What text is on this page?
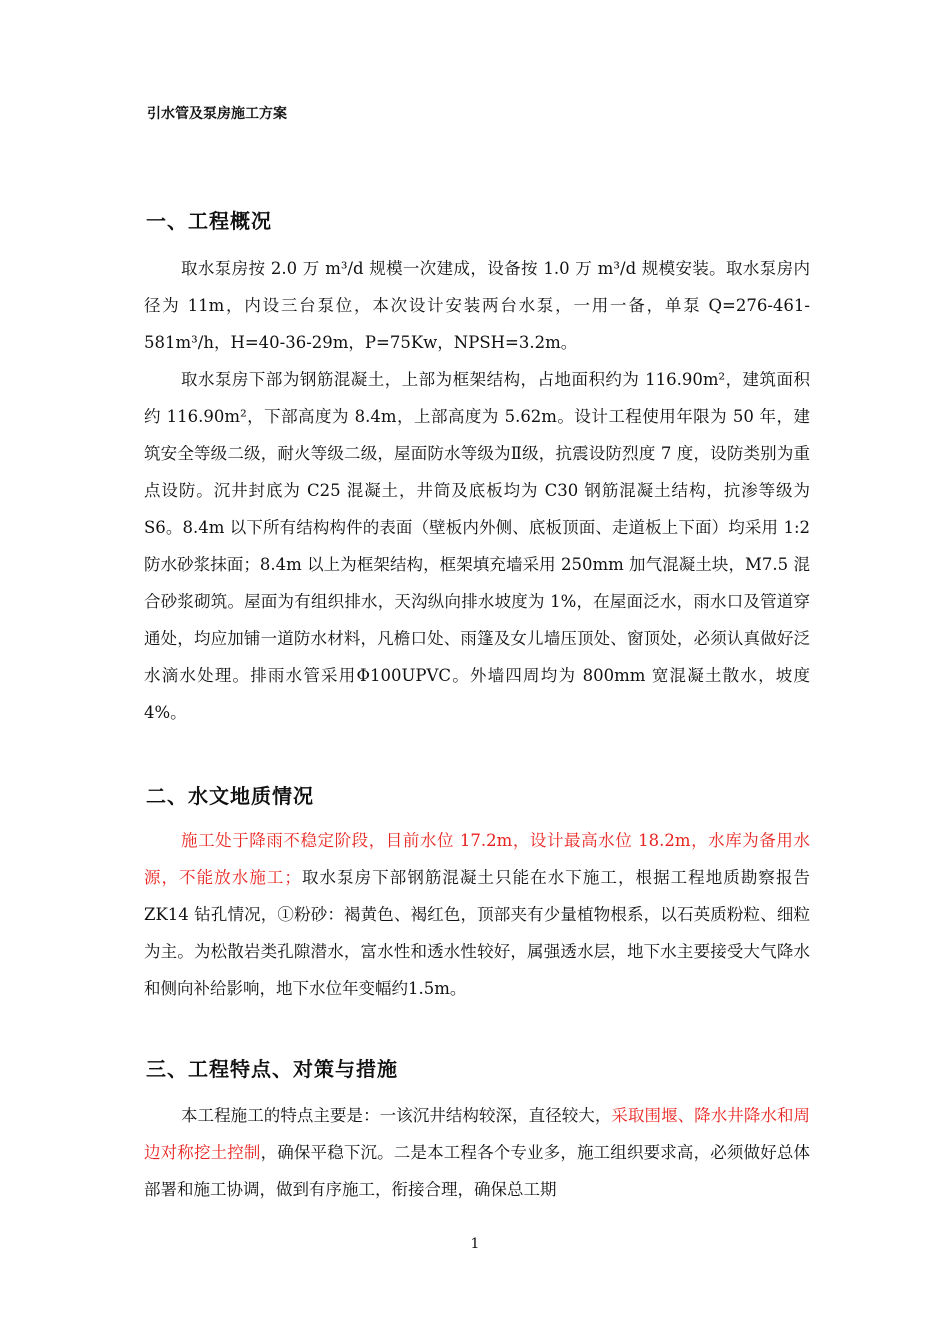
引水管及泵房施工方案
一、工程概况
取水泵房按 2.0 万 m³/d 规模一次建成，设备按 1.0 万 m³/d 规模安装。取水泵房内径为 11m，内设三台泵位，本次设计安装两台水泵，一用一备，单泵 Q=276-461-581m³/h，H=40-36-29m，P=75Kw，NPSH=3.2m。
取水泵房下部为钢筋混凝土，上部为框架结构，占地面积约为 116.90m²，建筑面积约 116.90m²，下部高度为 8.4m，上部高度为 5.62m。设计工程使用年限为 50 年，建筑安全等级二级，耐火等级二级，屋面防水等级为Ⅱ级，抗震设防烈度 7 度，设防类别为重点设防。沉井封底为 C25 混凝土，井筒及底板均为 C30 钢筋混凝土结构，抗渗等级为 S6。8.4m 以下所有结构构件的表面（壁板内外侧、底板顶面、走道板上下面）均采用 1:2 防水砂浆抹面；8.4m 以上为框架结构，框架填充墙采用 250mm 加气混凝土块，M7.5 混合砂浆砌筑。屋面为有组织排水，天沟纵向排水坡度为 1%，在屋面泛水，雨水口及管道穿通处，均应加铺一道防水材料，凡檐口处、雨篷及女儿墙压顶处、窗顶处，必须认真做好泛水滴水处理。排雨水管采用Φ100UPVC。外墙四周均为 800mm 宽混凝土散水，坡度 4%。
二、水文地质情况
施工处于降雨不稳定阶段，目前水位 17.2m，设计最高水位 18.2m，水库为备用水源，不能放水施工；取水泵房下部钢筋混凝土只能在水下施工，根据工程地质勘察报告 ZK14 钻孔情况，①粉砂：褐黄色、褐红色，顶部夹有少量植物根系，以石英质粉粒、细粒为主。为松散岩类孔隙潜水，富水性和透水性较好，属强透水层，地下水主要接受大气降水和侧向补给影响，地下水位年变幅约1.5m。
三、工程特点、对策与措施
本工程施工的特点主要是：一该沉井结构较深，直径较大，采取围堰、降水井降水和周边对称挖土控制，确保平稳下沉。二是本工程各个专业多，施工组织要求高，必须做好总体部署和施工协调，做到有序施工，衔接合理，确保总工期
1
